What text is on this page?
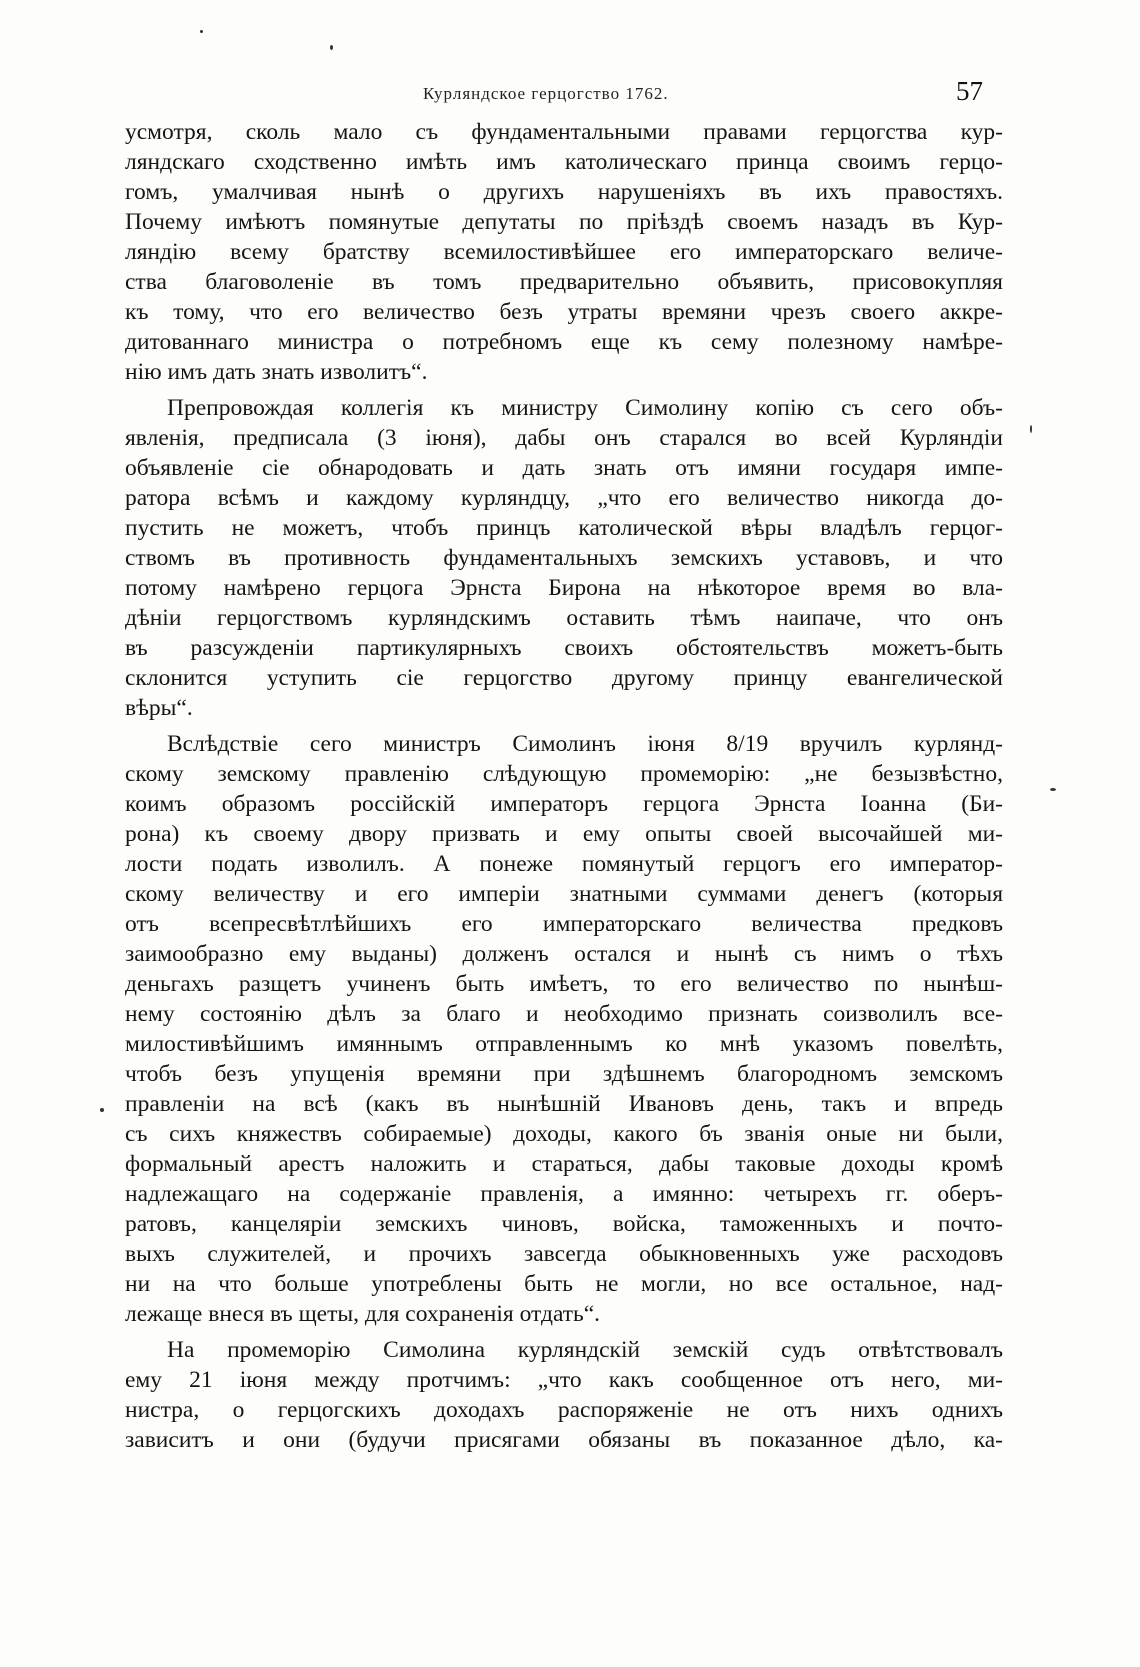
Курляндское герцогство 1762.	57
усмотря, сколь мало съ фундаментальными правами герцогства кур-
ляндскаго сходственно имѣть имъ католическаго принца своимъ герцо-
гомъ, умалчивая нынѣ о другихъ нарушеніяхъ въ ихъ правостяхъ.
Почему имѣютъ помянутые депутаты по пріѣздѣ своемъ назадъ въ Кур-
ляндію всему братству всемилостивѣйшее его императорскаго величе-
ства благоволеніе въ томъ предварительно объявить, присовокупляя
къ тому, что его величество безъ утраты времяни чрезъ своего аккре-
дитованнаго министра о потребномъ еще къ сему полезному намѣре-
нію имъ дать знать изволитъ“.
Препровождая коллегія къ министру Симолину копію съ сего объ-
явленія, предписала (3 іюня), дабы онъ старался во всей Курляндіи
объявленіе сіе обнародовать и дать знать отъ имяни государя импе-
ратора всѣмъ и каждому курляндцу, „что его величество никогда до-
пустить не можетъ, чтобъ принцъ католической вѣры владѣлъ герцог-
ствомъ въ противность фундаментальныхъ земскихъ уставовъ, и что
потому намѣрено герцога Эрнста Бирона на нѣкоторое время во вла-
дѣніи герцогствомъ курляндскимъ оставить тѣмъ наипаче, что онъ
въ разсужденіи партикулярныхъ своихъ обстоятельствъ можетъ-быть
склонится уступить сіе герцогство другому принцу евангелической
вѣры“.
Вслѣдствіе сего министръ Симолинъ іюня 8/19 вручилъ курлянд-
скому земскому правленію слѣдующую промеморію: „не безызвѣстно,
коимъ образомъ россійскій императоръ герцога Эрнста Іоанна (Би-
рона) къ своему двору призвать и ему опыты своей высочайшей ми-
лости подать изволилъ. А понеже помянутый герцогъ его император-
скому величеству и его имперіи знатными суммами денегъ (которыя
отъ всепресвѣтлѣйшихъ его императорскаго величества предковъ
заимообразно ему выданы) долженъ остался и нынѣ съ нимъ о тѣхъ
деньгахъ разщетъ учиненъ быть имѣетъ, то его величество по нынѣш-
нему состоянію дѣлъ за благо и необходимо признать соизволилъ все-
милостивѣйшимъ имяннымъ отправленнымъ ко мнѣ указомъ повелѣть,
чтобъ безъ упущенія времяни при здѣшнемъ благородномъ земскомъ
правленіи на всѣ (какъ въ нынѣшній Ивановъ день, такъ и впредь
съ сихъ княжествъ собираемые) доходы, какого бъ званія оные ни были,
формальный арестъ наложить и стараться, дабы таковые доходы кромѣ
надлежащаго на содержаніе правленія, а имянно: четырехъ гг. оберъ-
ратовъ, канцеляріи земскихъ чиновъ, войска, таможенныхъ и почто-
выхъ служителей, и прочихъ завсегда обыкновенныхъ уже расходовъ
ни на что больше употреблены быть не могли, но все остальное, над-
лежаще внеся въ щеты, для сохраненія отдать“.
На промеморію Симолина курляндскій земскій судъ отвѣтствовалъ
ему 21 іюня между протчимъ: „что какъ сообщенное отъ него, ми-
нистра, о герцогскихъ доходахъ распоряженіе не отъ нихъ однихъ
зависитъ и они (будучи присягами обязаны въ показанное дѣло, ка-
